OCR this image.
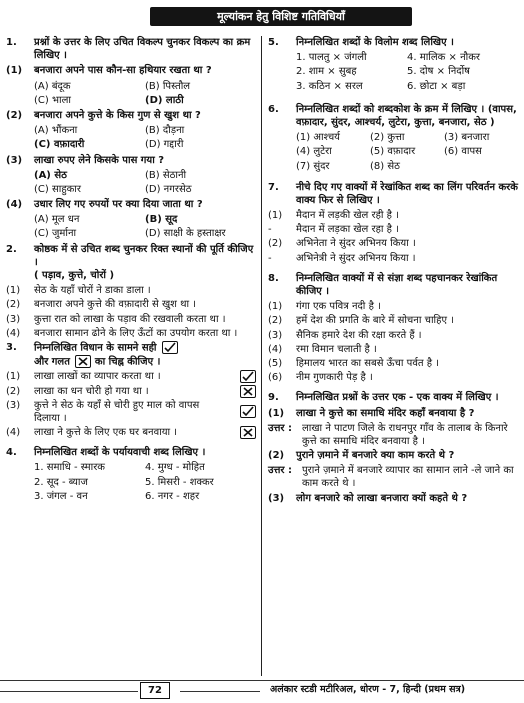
मूल्यांकन हेतु विशिष्ट गतिविधियाँ
1.	प्रश्नों के उत्तर के लिए उचित विकल्प चुनकर विकल्प का क्रम लिखिए ।
(1)	बनजारा अपने पास कौन-सा हथियार रखता था ?
(A) बंदूक	(B) पिस्तौल
(C) भाला	(D) लाठी
(2)	बनजारा अपने कुत्ते के किस गुण से खुश था ?
(A) भौंकना	(B) दौड़ना
(C) वफ़ादारी	(D) गद्दारी
(3)	लाखा रुपए लेने किसके पास गया ?
(A) सेठ	(B) सेठानी
(C) साहुकार	(D) नगरसेठ
(4)	उधार लिए गए रुपयों पर क्या दिया जाता था ?
(A) मूल धन	(B) सूद
(C) जुर्माना	(D) साक्षी के हस्ताक्षर
2.	कोष्ठक में से उचित शब्द चुनकर रिक्त स्थानों की पूर्ति कीजिए ।
( पड़ाव, कुत्ते, चोरों )
(1)	सेठ के यहाँ चोरों ने डाका डाला ।
(2)	बनजारा अपने कुत्ते की वफ़ादारी से खुश था ।
(3)	कुत्ता रात को लाखा के पड़ाव की रखवाली करता था ।
(4)	बनजारा सामान ढोने के लिए ऊँटों का उपयोग करता था ।
3.	निम्नलिखित विधान के सामने सही

और गलत ☒ का चिह्न कीजिए ।
(1)	लाखा लाखों का व्यापार करता था ।
(2)	लाखा का धन चोरी हो गया था ।
(3)	कुत्ते ने सेठ के यहाँ से चोरी हुए माल को वापस दिलाया ।
(4)	लाखा ने कुत्ते के लिए एक घर बनवाया ।
4.	निम्नलिखित शब्दों के पर्यायवाची शब्द लिखिए ।
1. समाधि - स्मारक	4. मुग्ध - मोहित
2. सूद - ब्याज	5. मिसरी - शक्कर
3. जंगल - वन	6. नगर - शहर
5.	निम्नलिखित शब्दों के विलोम शब्द लिखिए ।
1. पालतु × जंगली	4. मालिक × नौकर
2. शाम × सुबह	5. दोष × निर्दोष
3. कठिन × सरल	6. छोटा × बड़ा
6.	निम्नलिखित शब्दों को शब्दकोश के क्रम में लिखिए । (वापस, वफ़ादार, सुंदर, आश्चर्य, लुटेरा, कुत्ता, बनजारा, सेठ )
(1) आश्चर्य	(2) कुत्ता	(3) बनजारा
(4) लुटेरा	(5) वफ़ादार	(6) वापस
(7) सुंदर	(8) सेठ
7.	नीचे दिए गए वाक्यों में रेखांकित शब्द का लिंग परिवर्तन करके वाक्य फिर से लिखिए ।
(1)	मैदान में लड़की खेल रही है ।
-	मैदान में लड़का खेल रहा है ।
(2)	अभिनेता ने सुंदर अभिनय किया ।
-	अभिनेत्री ने सुंदर अभिनय किया ।
8.	निम्नलिखित वाक्यों में से संज्ञा शब्द पहचानकर रेखांकित कीजिए ।
(1)	गंगा एक पवित्र नदी है ।
(2)	हमें देश की प्रगति के बारे में सोचना चाहिए ।
(3)	सैनिक हमारे देश की रक्षा करते हैं ।
(4)	रमा विमान चलाती है ।
(5)	हिमालय भारत का सबसे ऊँचा पर्वत है ।
(6)	नीम गुणकारी पेड़ है ।
9.	निम्नलिखित प्रश्नों के उत्तर एक - एक वाक्य में लिखिए ।
(1)	लाखा ने कुत्ते का समाधि मंदिर कहाँ बनवाया है ?
उत्तर :	लाखा ने पाटण जिले के राधनपुर गाँव के तालाब के किनारे कुत्ते का समाधि मंदिर बनवाया है ।
(2)	पुराने ज़माने में बनजारे क्या काम करते थे ?
उत्तर :	पुराने ज़माने में बनजारे व्यापार का सामान लाने -ले जाने का काम करते थे ।
(3)	लोग बनजारे को लाखा बनजारा क्यों कहते थे ?
72	अलंकार स्टडी मटीरिअल, धोरण - 7, हिन्दी (प्रथम सत्र)
